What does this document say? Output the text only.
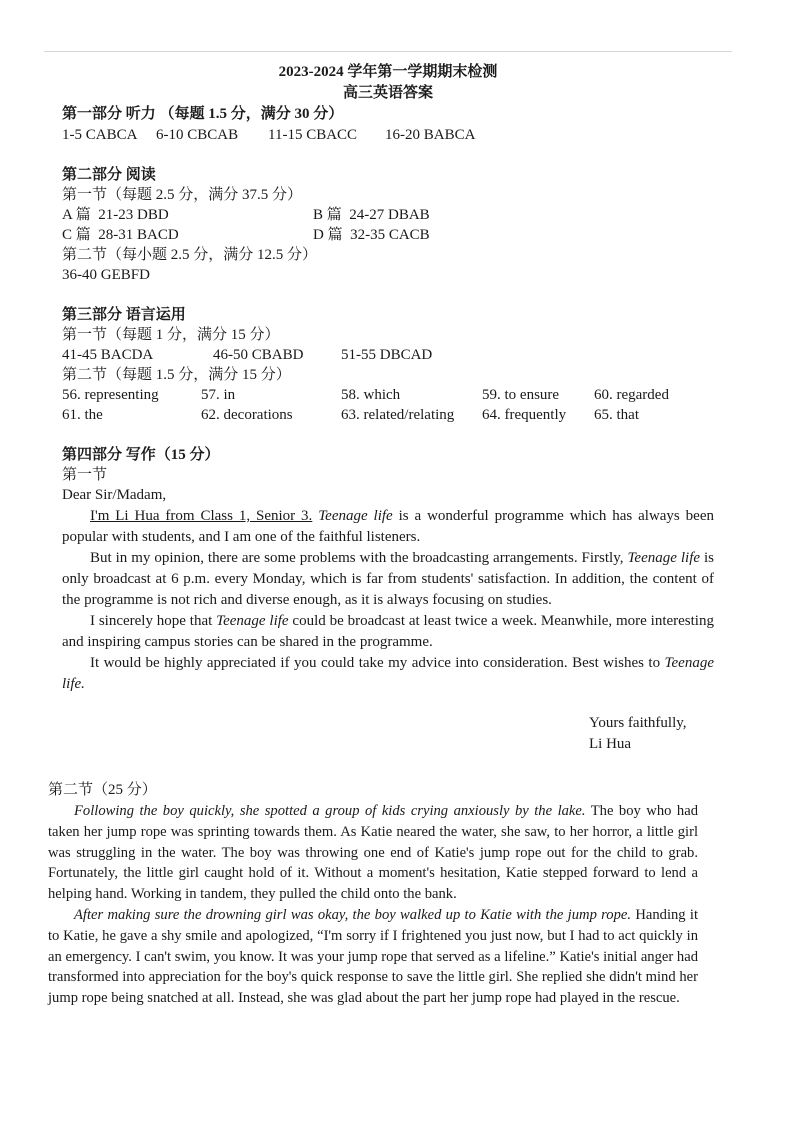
2023-2024 学年第一学期期末检测
高三英语答案
第一部分 听力 （每题 1.5 分，满分 30 分）
1-5 CABCA 6-10 CBCAB 11-15 CBACC 16-20 BABCA
第二部分 阅读
第一节（每题 2.5 分，满分 37.5 分）
A 篇 21-23 DBD	B 篇 24-27 DBAB
C 篇 28-31 BACD	D 篇 32-35 CACB
第二节（每小题 2.5 分，满分 12.5 分）
36-40 GEBFD
第三部分 语言运用
第一节（每题 1 分，满分 15 分）
41-45 BACDA	46-50 CBABD	51-55 DBCAD
第二节（每题 1.5 分，满分 15 分）
56. representing	57. in	58. which	59. to ensure 60. regarded
61. the	62. decorations	63. related/relating 64. frequently 65. that
第四部分 写作（15 分）
第一节
Dear Sir/Madam,

I'm Li Hua from Class 1, Senior 3. Teenage life is a wonderful programme which has always been popular with students, and I am one of the faithful listeners.

But in my opinion, there are some problems with the broadcasting arrangements. Firstly, Teenage life is only broadcast at 6 p.m. every Monday, which is far from students' satisfaction. In addition, the content of the programme is not rich and diverse enough, as it is always focusing on studies.

I sincerely hope that Teenage life could be broadcast at least twice a week. Meanwhile, more interesting and inspiring campus stories can be shared in the programme.

It would be highly appreciated if you could take my advice into consideration. Best wishes to Teenage life.

Yours faithfully,
Li Hua
第二节（25 分）

Following the boy quickly, she spotted a group of kids crying anxiously by the lake. The boy who had taken her jump rope was sprinting towards them. As Katie neared the water, she saw, to her horror, a little girl was struggling in the water. The boy was throwing one end of Katie's jump rope out for the child to grab. Fortunately, the little girl caught hold of it. Without a moment's hesitation, Katie stepped forward to lend a helping hand. Working in tandem, they pulled the child onto the bank.

After making sure the drowning girl was okay, the boy walked up to Katie with the jump rope. Handing it to Katie, he gave a shy smile and apologized, “I'm sorry if I frightened you just now, but I had to act quickly in an emergency. I can't swim, you know. It was your jump rope that served as a lifeline.” Katie's initial anger had transformed into appreciation for the boy's quick response to save the little girl. She replied she didn't mind her jump rope being snatched at all. Instead, she was glad about the part her jump rope had played in the rescue.
